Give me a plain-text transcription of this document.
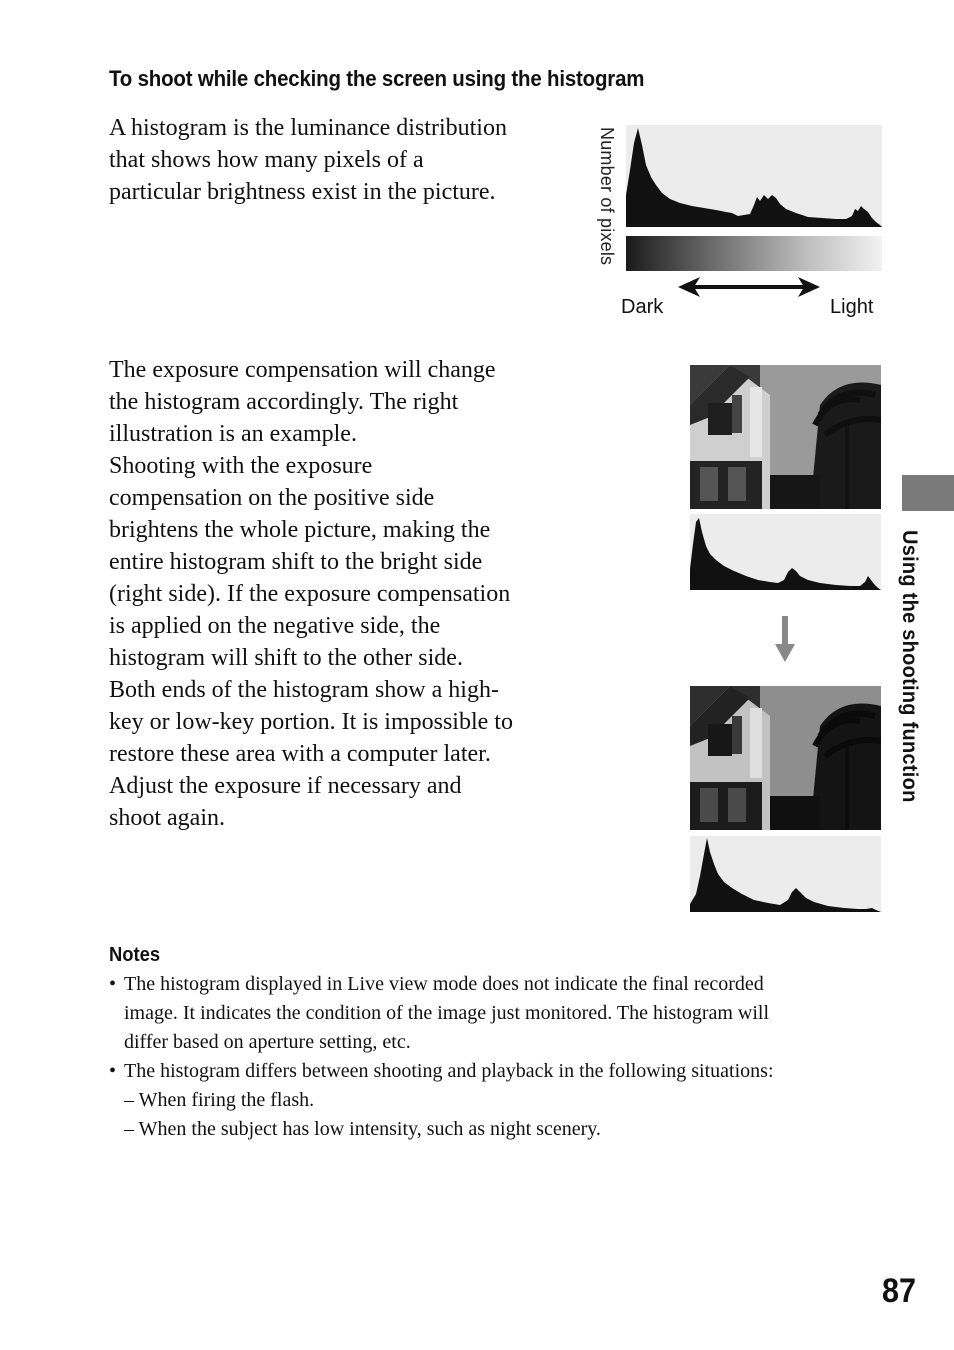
To shoot while checking the screen using the histogram
A histogram is the luminance distribution
that shows how many pixels of a
particular brightness exist in the picture.	Number of pixels
Dark	Light
The exposure compensation will change
the histogram accordingly. The right
illustration is an example.
Shooting with the exposure
compensation on the positive side
brightens the whole picture, making the
entire histogram shift to the bright side
(right side). If the exposure compensation
is applied on the negative side, the
histogram will shift to the other side.
Both ends of the histogram show a high-
key or low-key portion. It is impossible to
restore these area with a computer later.
Adjust the exposure if necessary and
shoot again.
Using the shooting function
Notes
• The histogram displayed in Live view mode does not indicate the final recorded
image. It indicates the condition of the image just monitored. The histogram will
differ based on aperture setting, etc.
• The histogram differs between shooting and playback in the following situations:
– When firing the flash.
– When the subject has low intensity, such as night scenery.
87
